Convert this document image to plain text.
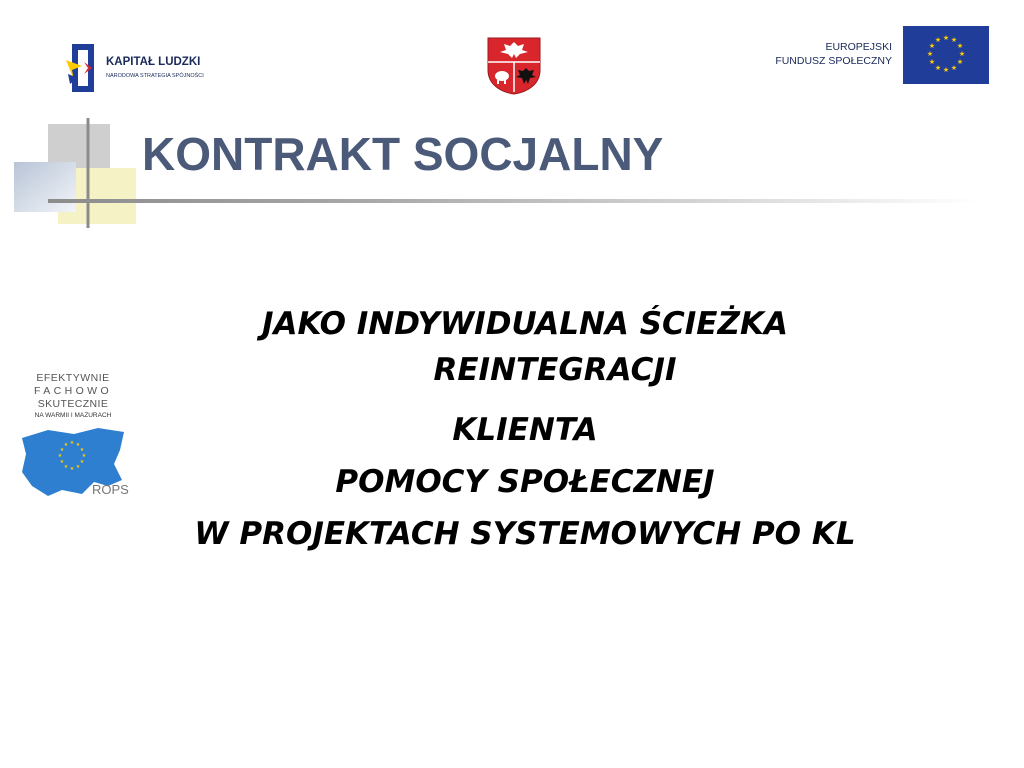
KAPITAŁ LUDZKI
NARODOWA STRATEGIA SPÓJNOŚCI
EUROPEJSKI
FUNDUSZ SPOŁECZNY
★ ★
★
★
★
★
★
★
★
★
★
★
KONTRAKT SOCJALNY
EFEKTYWNIE
FACHOWO
SKUTECZNIE
NA WARMII I MAZURACH
★ ★
★
★
★
★
★
★
★
★
★
★
ROPS
JAKO INDYWIDUALNA ŚCIEŻKA
REINTEGRACJI
KLIENTA
POMOCY SPOŁECZNEJ
W PROJEKTACH SYSTEMOWYCH PO KL
